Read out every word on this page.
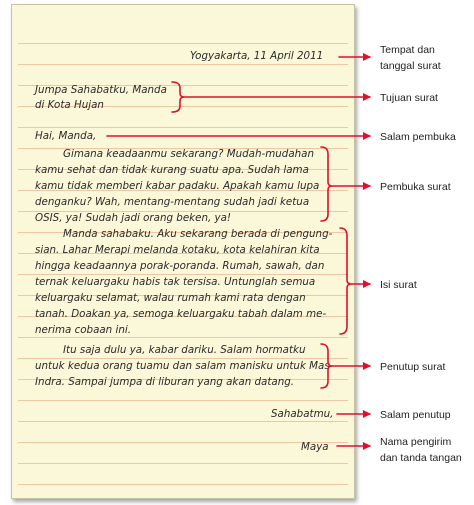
Yogyakarta, 11 April 2011
Jumpa Sahabatku, Manda
di Kota Hujan
Hai, Manda,
Gimana keadaanmu sekarang? Mudah-mudahan
kamu sehat dan tidak kurang suatu apa. Sudah lama
kamu tidak memberi kabar padaku. Apakah kamu lupa
denganku? Wah, mentang-mentang sudah jadi ketua
OSIS, ya! Sudah jadi orang beken, ya!
Manda sahabaku. Aku sekarang berada di pengung-
sian. Lahar Merapi melanda kotaku, kota kelahiran kita
hingga keadaannya porak-poranda. Rumah, sawah, dan
ternak keluargaku habis tak tersisa. Untunglah semua
keluargaku selamat, walau rumah kami rata dengan
tanah. Doakan ya, semoga keluargaku tabah dalam me-
nerima cobaan ini.
Itu saja dulu ya, kabar dariku. Salam hormatku
untuk kedua orang tuamu dan salam manisku untuk Mas
Indra. Sampai jumpa di liburan yang akan datang.
Sahabatmu,
Maya
Tempat dan
tanggal surat
Tujuan surat
Salam pembuka
Pembuka surat
Isi surat
Penutup surat
Salam penutup
Nama pengirim
dan tanda tangan
